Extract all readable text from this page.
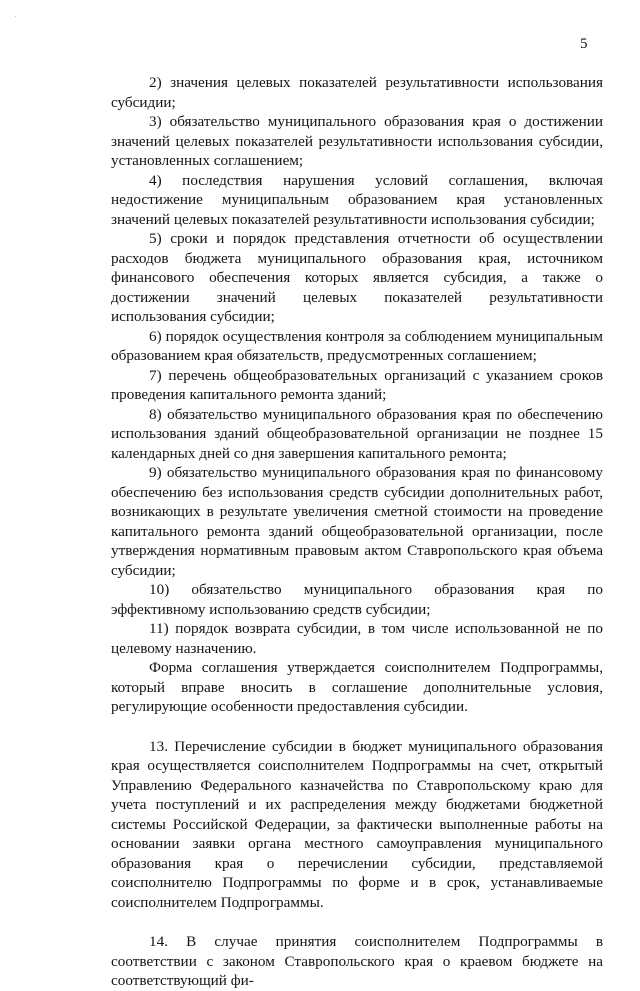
·
5

2) значения целевых показателей результативности использования субсидии;

3) обязательство муниципального образования края о достижении значений целевых показателей результативности использования субсидии, установленных соглашением;

4) последствия нарушения условий соглашения, включая недостижение муниципальным образованием края установленных значений целевых показателей результативности использования субсидии;

5) сроки и порядок представления отчетности об осуществлении расходов бюджета муниципального образования края, источником финансового обеспечения которых является субсидия, а также о достижении значений целевых показателей результативности использования субсидии;

6) порядок осуществления контроля за соблюдением муниципальным образованием края обязательств, предусмотренных соглашением;

7) перечень общеобразовательных организаций с указанием сроков проведения капитального ремонта зданий;

8) обязательство муниципального образования края по обеспечению использования зданий общеобразовательной организации не позднее 15 календарных дней со дня завершения капитального ремонта;

9) обязательство муниципального образования края по финансовому обеспечению без использования средств субсидии дополнительных работ, возникающих в результате увеличения сметной стоимости на проведение капитального ремонта зданий общеобразовательной организации, после утверждения нормативным правовым актом Ставропольского края объема субсидии;

10) обязательство муниципального образования края по эффективному использованию средств субсидии;

11) порядок возврата субсидии, в том числе использованной не по целевому назначению.

Форма соглашения утверждается соисполнителем Подпрограммы, который вправе вносить в соглашение дополнительные условия, регулирующие особенности предоставления субсидии.

13. Перечисление субсидии в бюджет муниципального образования края осуществляется соисполнителем Подпрограммы на счет, открытый Управлению Федерального казначейства по Ставропольскому краю для учета поступлений и их распределения между бюджетами бюджетной системы Российской Федерации, за фактически выполненные работы на основании заявки органа местного самоуправления муниципального образования края о перечислении субсидии, представляемой соисполнителю Подпрограммы по форме и в срок, устанавливаемые соисполнителем Подпрограммы.

14. В случае принятия соисполнителем Подпрограммы в соответствии с законом Ставропольского края о краевом бюджете на соответствующий фи-
